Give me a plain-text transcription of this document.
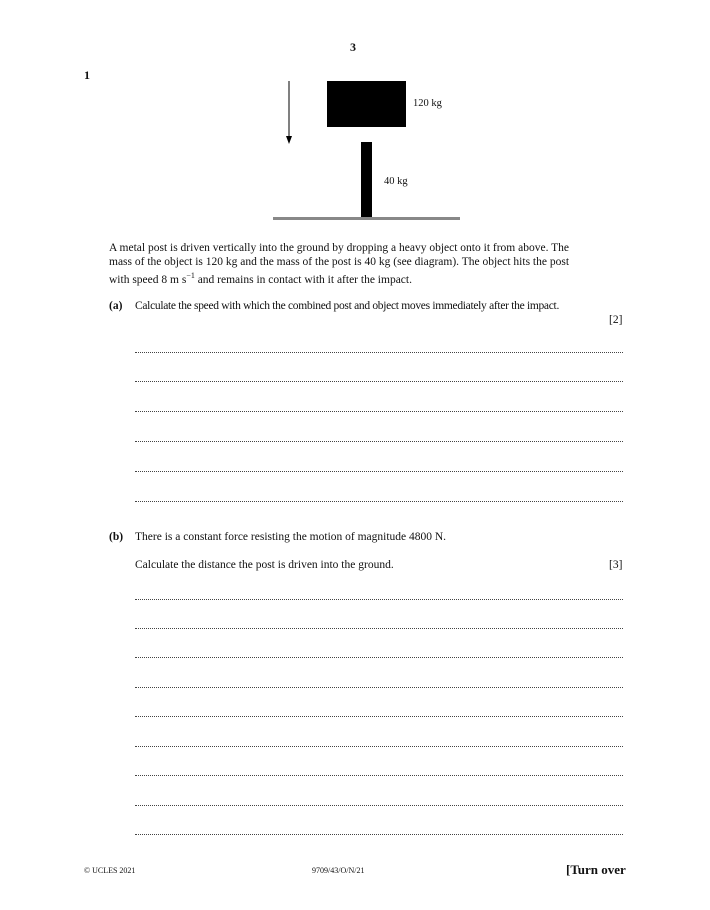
3
1
120 kg
40 kg
A metal post is driven vertically into the ground by dropping a heavy object onto it from above. The
mass of the object is 120 kg and the mass of the post is 40 kg (see diagram). The object hits the post
with speed 8 m $s^{-1}$ and remains in contact with it after the impact.
(a) Calculate the speed with which the combined post and object moves immediately after the impact.
[2]
(b) There is a constant force resisting the motion of magnitude 4800 N.
Calculate the distance the post is driven into the ground.	[3]
© UCLES 2021	9709/43/O/N/21	[Turn over
